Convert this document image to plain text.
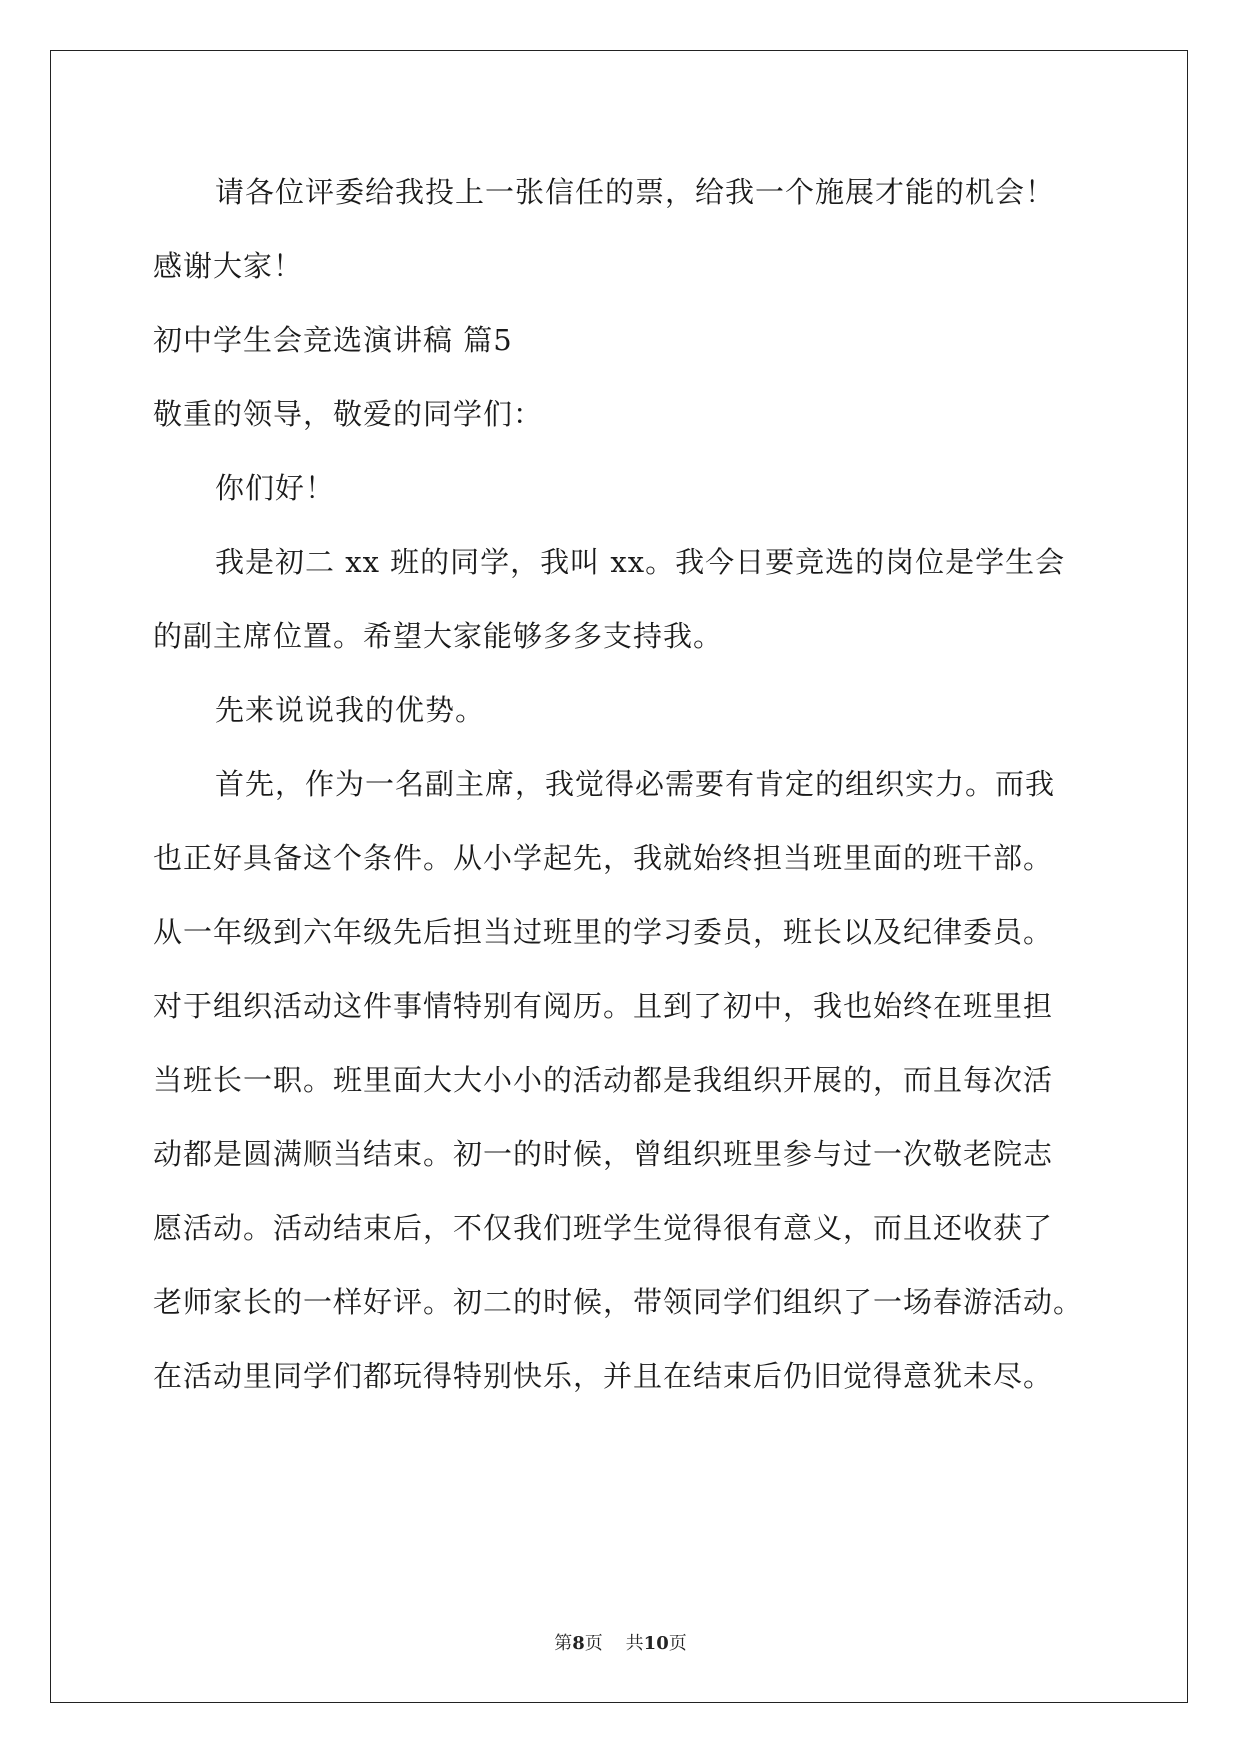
请各位评委给我投上一张信任的票，给我一个施展才能的机会！
感谢大家！
初中学生会竞选演讲稿 篇5
敬重的领导，敬爱的同学们：
你们好！
我是初二 xx 班的同学，我叫 xx。我今日要竞选的岗位是学生会
的副主席位置。希望大家能够多多支持我。
先来说说我的优势。
首先，作为一名副主席，我觉得必需要有肯定的组织实力。而我
也正好具备这个条件。从小学起先，我就始终担当班里面的班干部。
从一年级到六年级先后担当过班里的学习委员，班长以及纪律委员。
对于组织活动这件事情特别有阅历。且到了初中，我也始终在班里担
当班长一职。班里面大大小小的活动都是我组织开展的，而且每次活
动都是圆满顺当结束。初一的时候，曾组织班里参与过一次敬老院志
愿活动。活动结束后，不仅我们班学生觉得很有意义，而且还收获了
老师家长的一样好评。初二的时候，带领同学们组织了一场春游活动。
在活动里同学们都玩得特别快乐，并且在结束后仍旧觉得意犹未尽。
第8页 共10页
